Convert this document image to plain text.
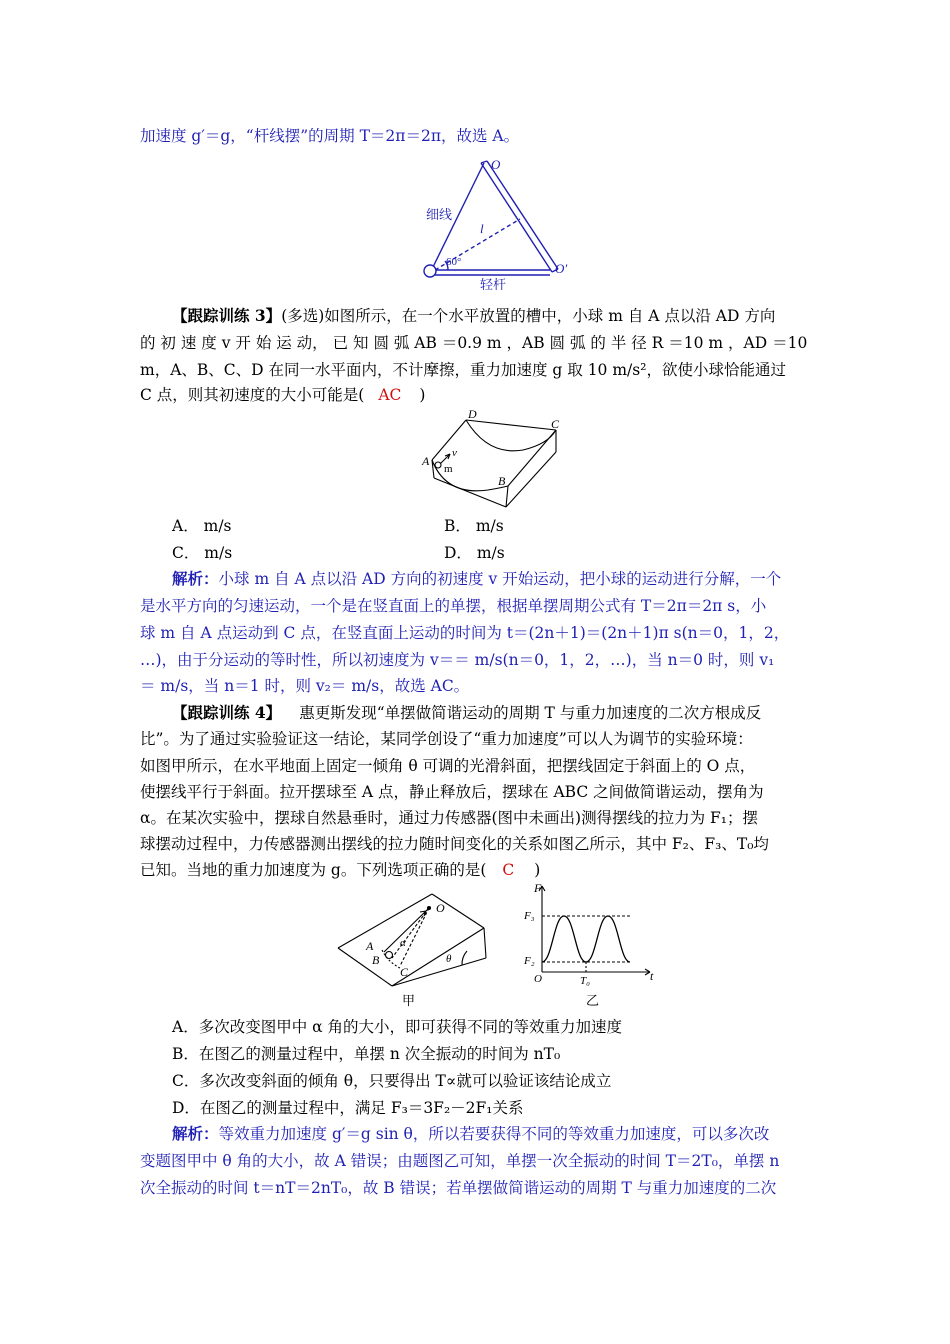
加速度 g′＝g，“杆线摆”的周期 T＝2π＝2π，故选 A。
O
O′
细线
l
60°
轻杆
【跟踪训练 3】(多选)如图所示，在一个水平放置的槽中，小球 m 自 A 点以沿 AD 方向
的 初 速 度 v 开 始 运 动， 已 知 圆 弧 AB ＝0.9 m ，AB 圆 弧 的 半 径 R ＝10 m ，AD ＝10
m，A、B、C、D 在同一水平面内，不计摩擦，重力加速度 g 取 10 m/s²，欲使小球恰能通过
C 点，则其初速度的大小可能是( AC )
D
C
A
v
m
B
A． m/s	B． m/s
C． m/s	D． m/s
解析：小球 m 自 A 点以沿 AD 方向的初速度 v 开始运动，把小球的运动进行分解，一个
是水平方向的匀速运动，一个是在竖直面上的单摆，根据单摆周期公式有 T＝2π＝2π s，小
球 m 自 A 点运动到 C 点，在竖直面上运动的时间为 t＝(2n＋1)＝(2n＋1)π s(n＝0，1，2，
…)，由于分运动的等时性，所以初速度为 v＝＝ m/s(n＝0，1，2，…)，当 n＝0 时，则 v₁
＝ m/s，当 n＝1 时，则 v₂＝ m/s，故选 AC。
【跟踪训练 4】 惠更斯发现“单摆做简谐运动的周期 T 与重力加速度的二次方根成反
比”。为了通过实验验证这一结论，某同学创设了“重力加速度”可以人为调节的实验环境：
如图甲所示，在水平地面上固定一倾角 θ 可调的光滑斜面，把摆线固定于斜面上的 O 点，
使摆线平行于斜面。拉开摆球至 A 点，静止释放后，摆球在 ABC 之间做简谐运动，摆角为
α。在某次实验中，摆球自然悬垂时，通过力传感器(图中未画出)测得摆线的拉力为 F₁；摆
球摆动过程中，力传感器测出摆线的拉力随时间变化的关系如图乙所示，其中 F₂、F₃、T₀均
已知。当地的重力加速度为 g。下列选项正确的是( C )
O
A
B
C
α
θ
甲
F
F₃
F₂
O	T₀	t
乙
A．多次改变图甲中 α 角的大小，即可获得不同的等效重力加速度
B．在图乙的测量过程中，单摆 n 次全振动的时间为 nT₀
C．多次改变斜面的倾角 θ，只要得出 T∝就可以验证该结论成立
D．在图乙的测量过程中，满足 F₃＝3F₂－2F₁关系
解析：等效重力加速度 g′＝g sin θ，所以若要获得不同的等效重力加速度，可以多次改
变题图甲中 θ 角的大小，故 A 错误；由题图乙可知，单摆一次全振动的时间 T＝2T₀，单摆 n
次全振动的时间 t＝nT＝2nT₀，故 B 错误；若单摆做简谐运动的周期 T 与重力加速度的二次
